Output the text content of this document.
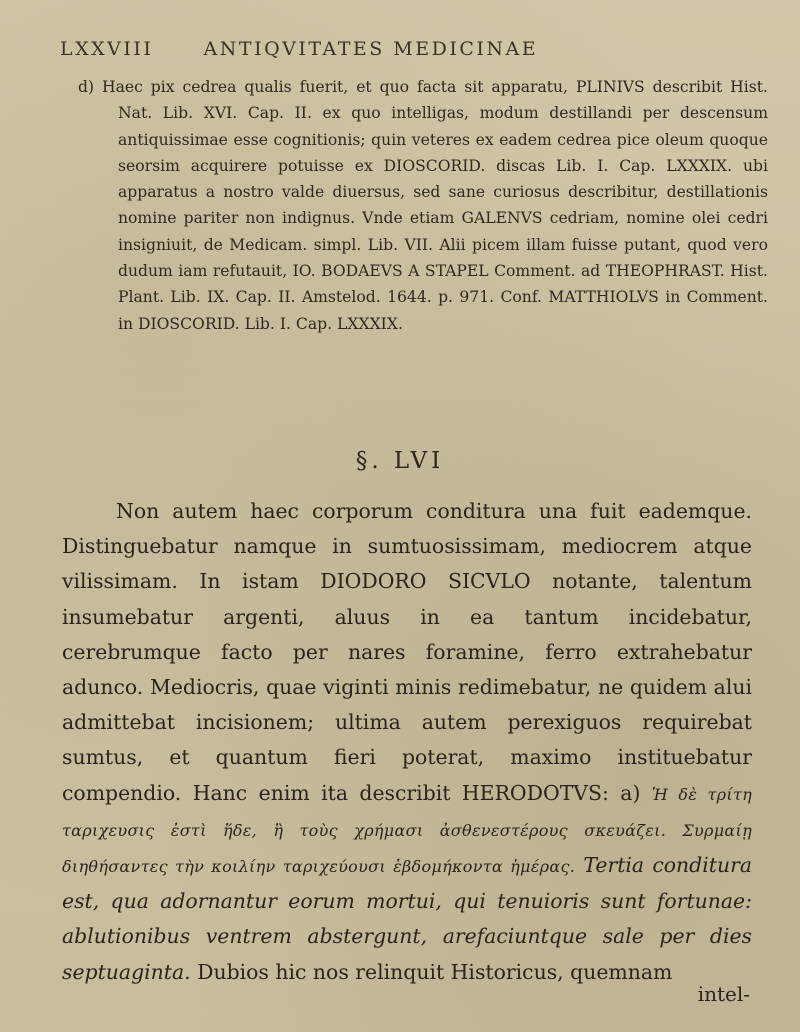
LXXVIII	ANTIQVITATES MEDICINAE

d) Haec pix cedrea qualis fuerit, et quo facta sit apparatu, PLINIVS describit Hist. Nat. Lib. XVI. Cap. II. ex quo intelligas, modum destillandi per descensum antiquissimae esse cognitionis; quin veteres ex eadem cedrea pice oleum quoque seorsim acquirere potuisse ex DIOSCORID. discas Lib. I. Cap. LXXXIX. ubi apparatus a nostro valde diuersus, sed sane curiosus describitur, destillationis nomine pariter non indignus. Vnde etiam GALENVS cedriam, nomine olei cedri insigniuit, de Medicam. simpl. Lib. VII. Alii picem illam fuisse putant, quod vero dudum iam refutauit, IO. BODAEVS A STAPEL Comment. ad THEOPHRAST. Hist. Plant. Lib. IX. Cap. II. Amstelod. 1644. p. 971. Conf. MATTHIOLVS in Comment. in DIOSCORID. Lib. I. Cap. LXXXIX.

§. LVI

Non autem haec corporum conditura una fuit eademque. Distinguebatur namque in sumtuosissimam, mediocrem atque vilissimam. In istam DIODORO SICVLO notante, talentum insumebatur argenti, aluus in ea tantum incidebatur, cerebrumque facto per nares foramine, ferro extrahebatur adunco. Mediocris, quae viginti minis redimebatur, ne quidem alui admittebat incisionem; ultima autem perexiguos requirebat sumtus, et quantum fieri poterat, maximo instituebatur compendio. Hanc enim ita describit HERODOTVS: a) Ἡ δὲ τρίτη ταριχευσις ἐστὶ ἥδε, ἣ τοὺς χρήμασι ἀσθενεστέρους σκευάζει. Συρμαίῃ διηθήσαντες τὴν κοιλίην ταριχεύουσι ἑβδομήκοντα ἡμέρας. Tertia conditura est, qua adornantur eorum mortui, qui tenuioris sunt fortunae: ablutionibus ventrem abstergunt, arefaciuntque sale per dies septuaginta. Dubios hic nos relinquit Historicus, quemnam

intel-
